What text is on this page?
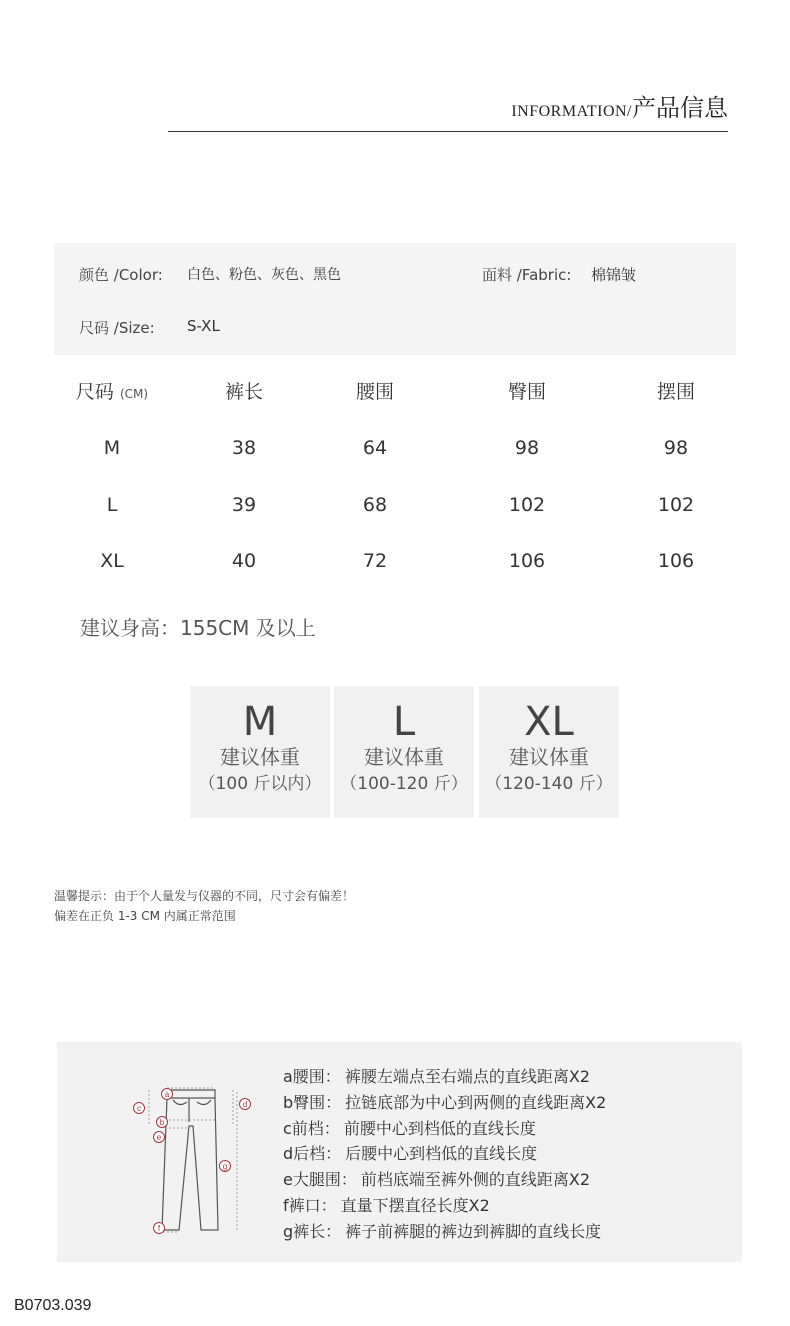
INFORMATION/产品信息
颜色 /Color: 白色、粉色、灰色、黑色	面料 /Fabric: 棉锦皱
尺码 /Size: S-XL
尺码 (CM)	裤长	腰围	臀围	摆围
M	38	64	98	98
L	39	68	102	102
XL	40	72	106	106
建议身高：155CM 及以上
M
建议体重
（100 斤以内）
L
建议体重
（100-120 斤）
XL
建议体重
（120-140 斤）
温馨提示：由于个人量发与仪器的不同，尺寸会有偏差！
偏差在正负 1-3 CM 内属正常范围
a
b
c	d
e
f
g
a腰围： 裤腰左端点至右端点的直线距离X2
b臀围： 拉链底部为中心到两侧的直线距离X2
c前档： 前腰中心到档低的直线长度
d后档： 后腰中心到档低的直线长度
e大腿围： 前档底端至裤外侧的直线距离X2
f裤口： 直量下摆直径长度X2
g裤长： 裤子前裤腿的裤边到裤脚的直线长度
B0703.039
